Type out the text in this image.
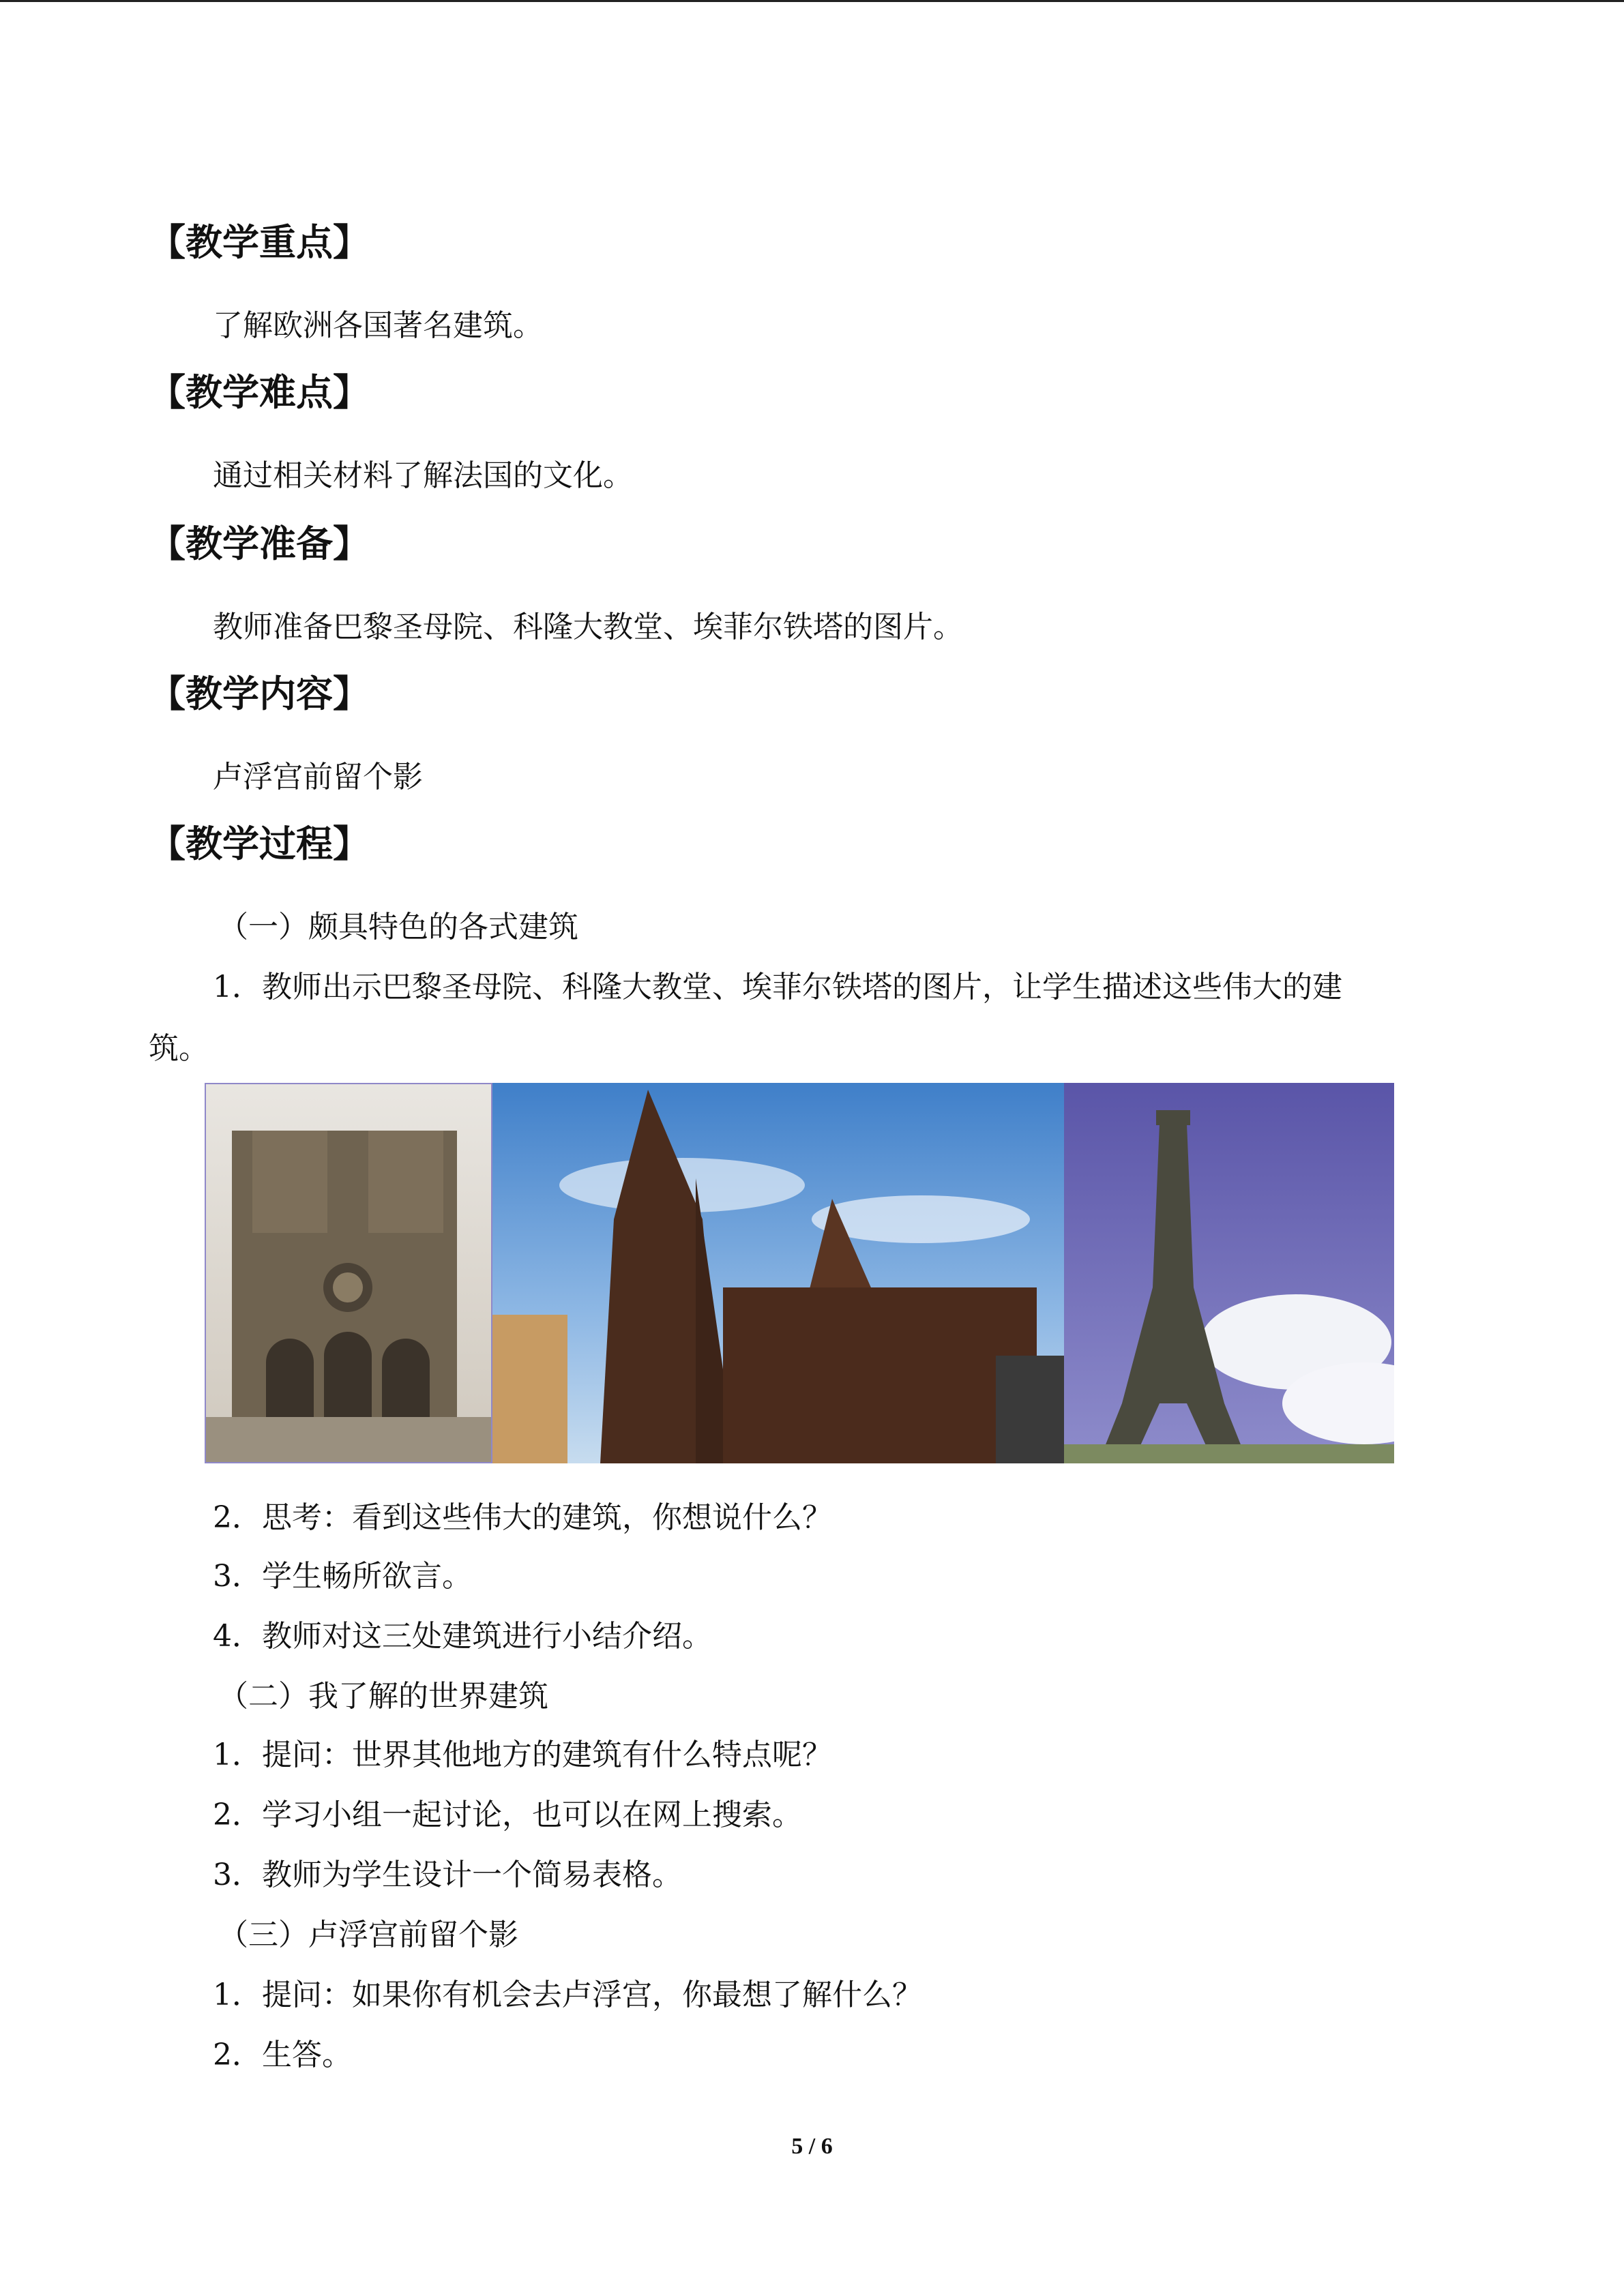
【教学重点】

了解欧洲各国著名建筑。

【教学难点】

通过相关材料了解法国的文化。

【教学准备】

教师准备巴黎圣母院、科隆大教堂、埃菲尔铁塔的图片。

【教学内容】

卢浮宫前留个影

【教学过程】

（一）颇具特色的各式建筑

1．教师出示巴黎圣母院、科隆大教堂、埃菲尔铁塔的图片，让学生描述这些伟大的建

筑。

2．思考：看到这些伟大的建筑，你想说什么？

3．学生畅所欲言。

4．教师对这三处建筑进行小结介绍。

（二）我了解的世界建筑

1．提问：世界其他地方的建筑有什么特点呢？

2．学习小组一起讨论，也可以在网上搜索。

3．教师为学生设计一个简易表格。

（三）卢浮宫前留个影

1．提问：如果你有机会去卢浮宫，你最想了解什么？

2．生答。

5 / 6
